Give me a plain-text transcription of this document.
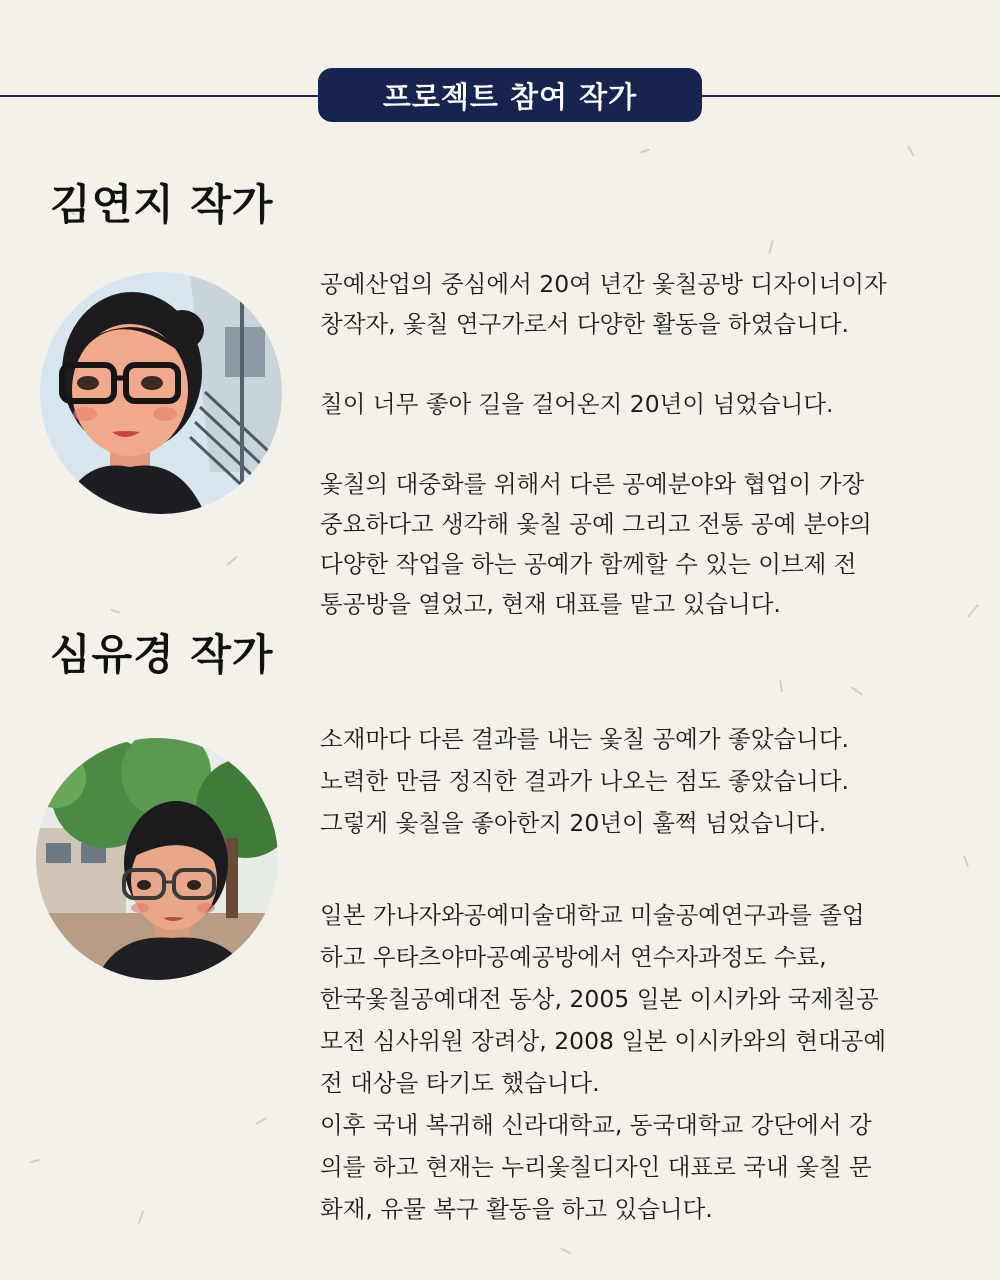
프로젝트 참여 작가
김연지 작가

공예산업의 중심에서 20여 년간 옻칠공방 디자이너이자
창작자, 옻칠 연구가로서 다양한 활동을 하였습니다.

칠이 너무 좋아 길을 걸어온지 20년이 넘었습니다.

옻칠의 대중화를 위해서 다른 공예분야와 협업이 가장
중요하다고 생각해 옻칠 공예 그리고 전통 공예 분야의
다양한 작업을 하는 공예가 함께할 수 있는 이브제 전
통공방을 열었고, 현재 대표를 맡고 있습니다.

심유경 작가

소재마다 다른 결과를 내는 옻칠 공예가 좋았습니다.
노력한 만큼 정직한 결과가 나오는 점도 좋았습니다.
그렇게 옻칠을 좋아한지 20년이 훌쩍 넘었습니다.

일본 가나자와공예미술대학교 미술공예연구과를 졸업
하고 우타츠야마공예공방에서 연수자과정도 수료,
한국옻칠공예대전 동상, 2005 일본 이시카와 국제칠공
모전 심사위원 장려상, 2008 일본 이시카와의 현대공예
전 대상을 타기도 했습니다.
이후 국내 복귀해 신라대학교, 동국대학교 강단에서 강
의를 하고 현재는 누리옻칠디자인 대표로 국내 옻칠 문
화재, 유물 복구 활동을 하고 있습니다.
